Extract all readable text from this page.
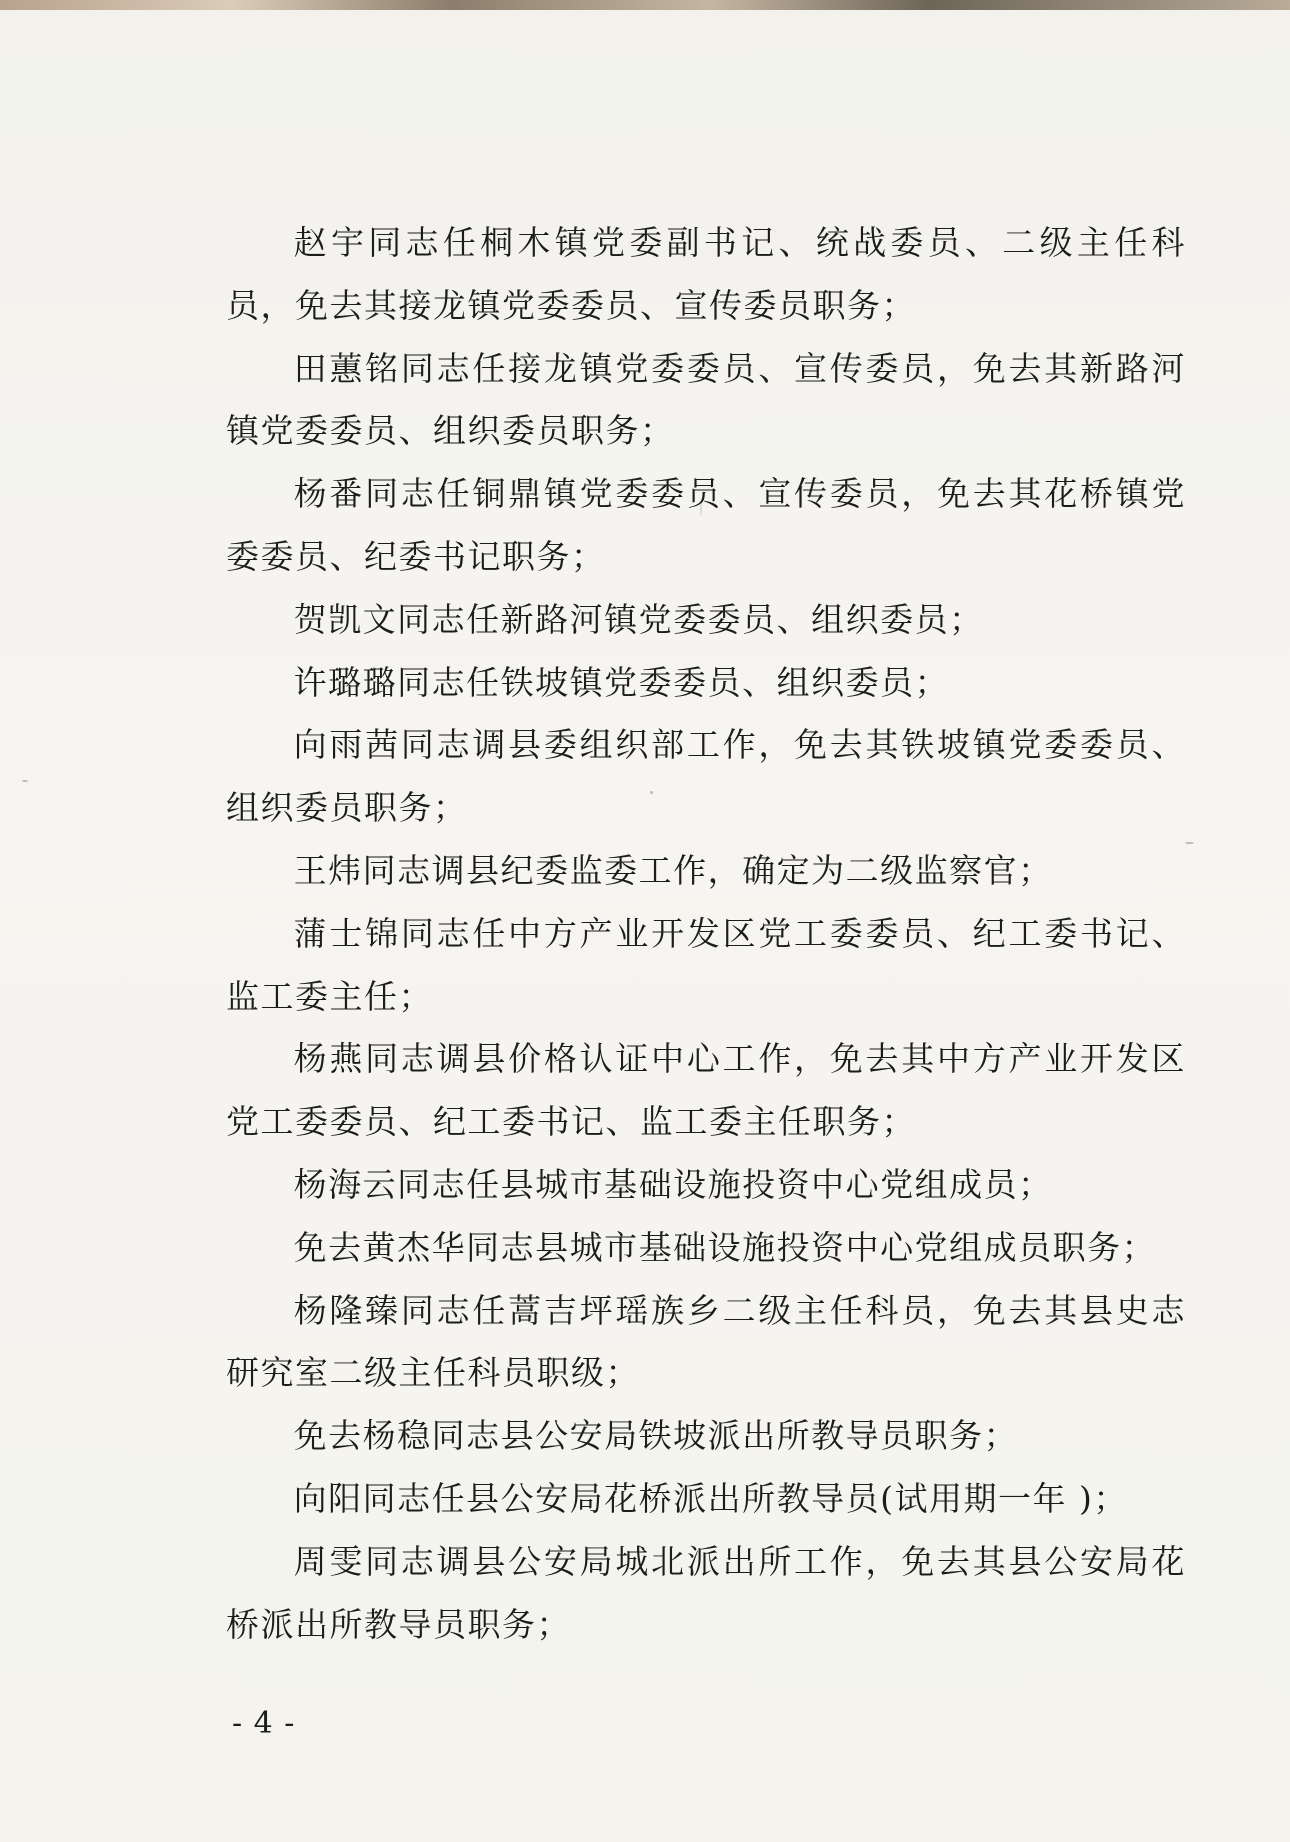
赵宇同志任桐木镇党委副书记、统战委员、二级主任科员，免去其接龙镇党委委员、宣传委员职务；

田蕙铭同志任接龙镇党委委员、宣传委员，免去其新路河镇党委委员、组织委员职务；

杨番同志任铜鼎镇党委委员、宣传委员，免去其花桥镇党委委员、纪委书记职务；

贺凯文同志任新路河镇党委委员、组织委员；

许璐璐同志任铁坡镇党委委员、组织委员；

向雨茜同志调县委组织部工作，免去其铁坡镇党委委员、组织委员职务；

王炜同志调县纪委监委工作，确定为二级监察官；

蒲士锦同志任中方产业开发区党工委委员、纪工委书记、监工委主任；

杨燕同志调县价格认证中心工作，免去其中方产业开发区党工委委员、纪工委书记、监工委主任职务；

杨海云同志任县城市基础设施投资中心党组成员；

免去黄杰华同志县城市基础设施投资中心党组成员职务；

杨隆臻同志任蒿吉坪瑶族乡二级主任科员，免去其县史志研究室二级主任科员职级；

免去杨稳同志县公安局铁坡派出所教导员职务；

向阳同志任县公安局花桥派出所教导员(试用期一年 )；

周雯同志调县公安局城北派出所工作，免去其县公安局花桥派出所教导员职务；

- 4 -
